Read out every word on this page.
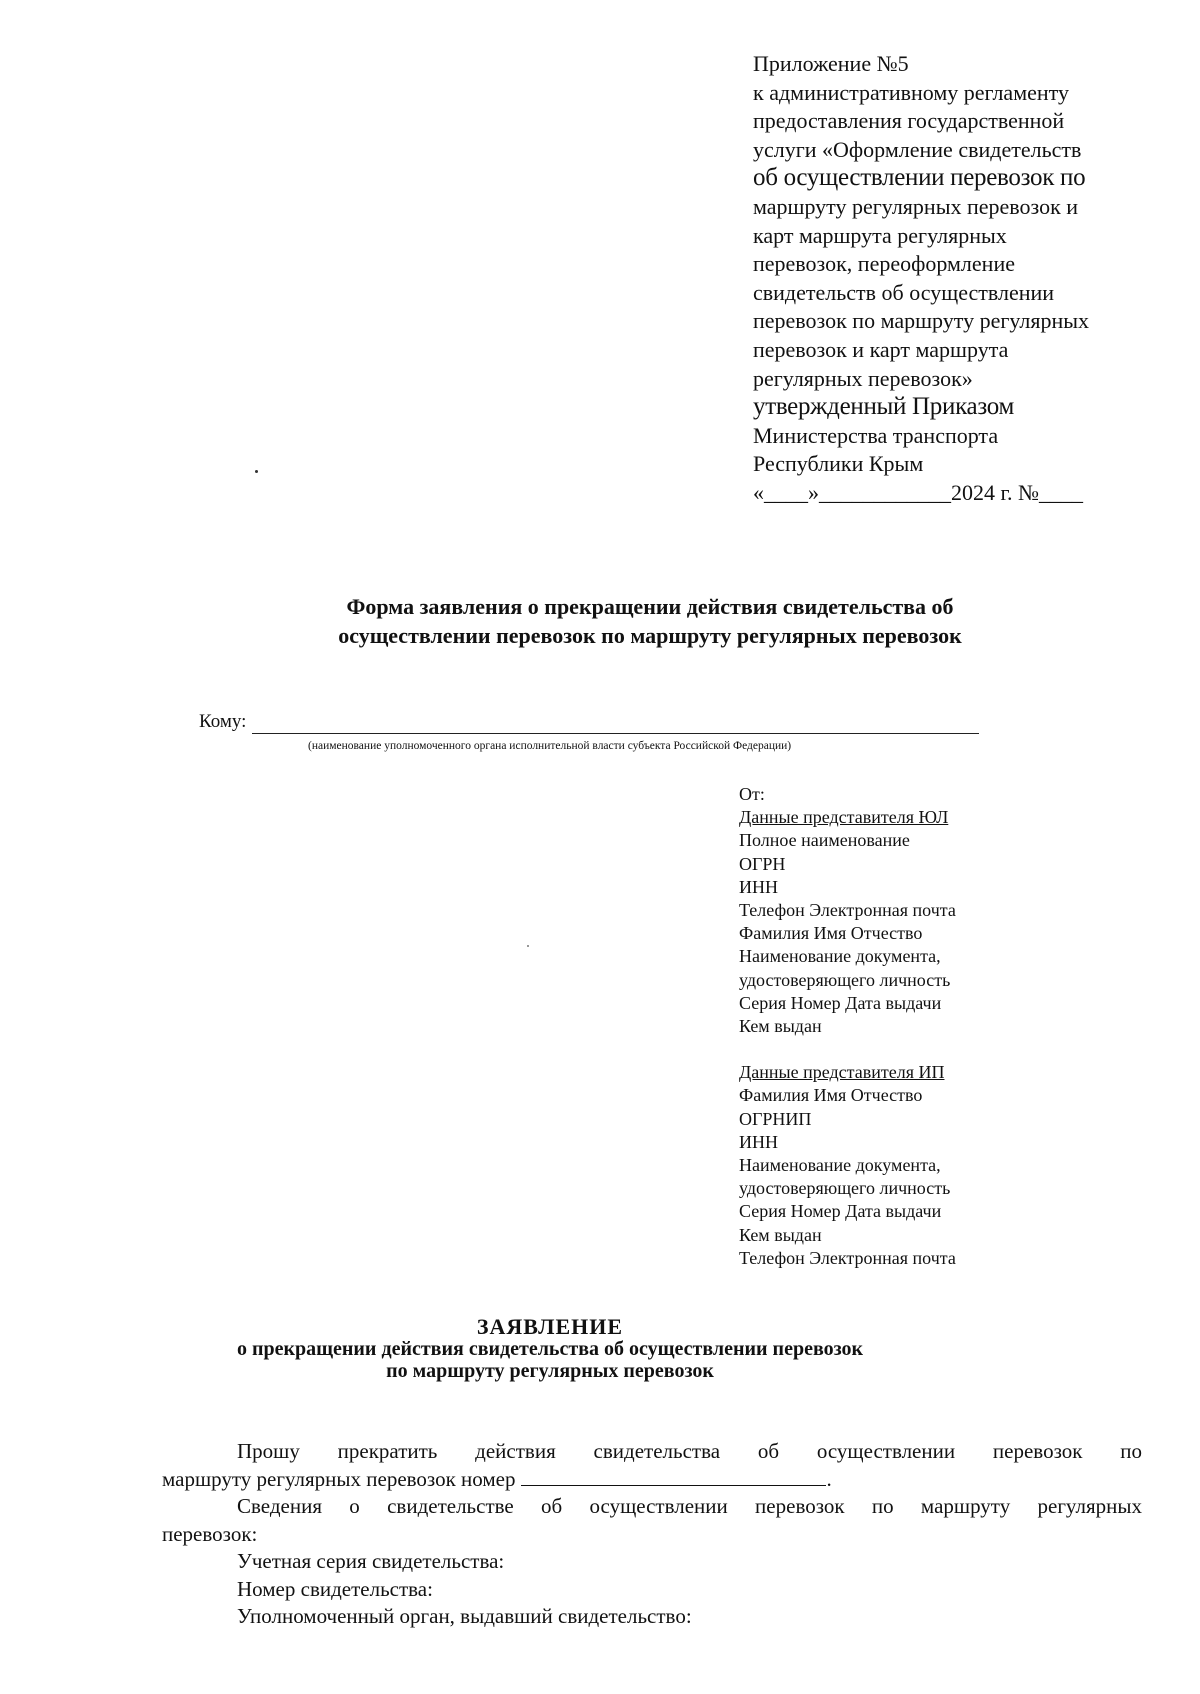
Приложение №5
к административному регламенту
предоставления государственной
услуги «Оформление свидетельств
об осуществлении перевозок по
маршруту регулярных перевозок и
карт маршрута регулярных
перевозок, переоформление
свидетельств об осуществлении
перевозок по маршруту регулярных
перевозок и карт маршрута
регулярных перевозок»
утвержденный Приказом
Министерства транспорта
Республики Крым
«____»____________2024 г. №____
Форма заявления о прекращении действия свидетельства об
осуществлении перевозок по маршруту регулярных перевозок
Кому:
(наименование уполномоченного органа исполнительной власти субъекта Российской Федерации)
От:
Данные представителя ЮЛ
Полное наименование
ОГРН
ИНН
Телефон Электронная почта
Фамилия Имя Отчество
Наименование документа,
удостоверяющего личность
Серия Номер Дата выдачи
Кем выдан
Данные представителя ИП
Фамилия Имя Отчество
ОГРНИП
ИНН
Наименование документа,
удостоверяющего личность
Серия Номер Дата выдачи
Кем выдан
Телефон Электронная почта
ЗАЯВЛЕНИЕ
о прекращении действия свидетельства об осуществлении перевозок
по маршруту регулярных перевозок
Прошу прекратить действия свидетельства об осуществлении перевозок по
маршруту регулярных перевозок номер	.
Сведения о свидетельстве об осуществлении перевозок по маршруту регулярных
перевозок:
Учетная серия свидетельства:
Номер свидетельства:
Уполномоченный орган, выдавший свидетельство:
